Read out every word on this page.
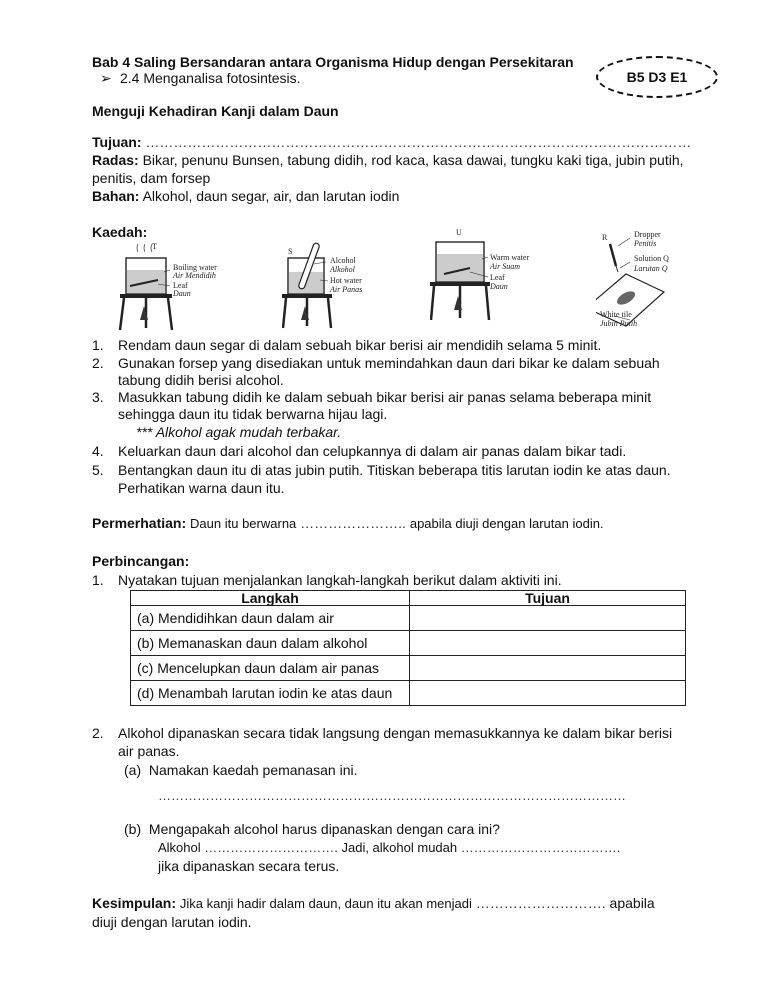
Bab 4 Saling Bersandaran antara Organisma Hidup dengan Persekitaran
➢ 2.4 Menganalisa fotosintesis.	B5 D3 E1
Menguji Kehadiran Kanji dalam Daun
Tujuan: ………………………………………………………………………………………………………
Radas: Bikar, penunu Bunsen, tabung didih, rod kaca, kasa dawai, tungku kaki tiga, jubin putih,
penitis, dam forsep
Bahan: Alkohol, daun segar, air, dan larutan iodin
Kaedah:
T
Boiling water
Air Mendidih
Leaf
Daun
S
Alcohol
Alkohol
Hot water
Air Panas
U
Warm water
Air Suam
Leaf
Daun
R	Dropper
Penitis
Solution Q
Larutan Q
White tile
Jubin Putih
1. Rendam daun segar di dalam sebuah bikar berisi air mendidih selama 5 minit.
2. Gunakan forsep yang disediakan untuk memindahkan daun dari bikar ke dalam sebuah
tabung didih berisi alcohol.
3. Masukkan tabung didih ke dalam sebuah bikar berisi air panas selama beberapa minit
sehingga daun itu tidak berwarna hijau lagi.
*** Alkohol agak mudah terbakar.
4. Keluarkan daun dari alcohol dan celupkannya di dalam air panas dalam bikar tadi.
5. Bentangkan daun itu di atas jubin putih. Titiskan beberapa titis larutan iodin ke atas daun.
Perhatikan warna daun itu.
Permerhatian: Daun itu berwarna ………………….. apabila diuji dengan larutan iodin.
Perbincangan:
1. Nyatakan tujuan menjalankan langkah-langkah berikut dalam aktiviti ini.
Langkah	Tujuan
(a) Mendidihkan daun dalam air	
(b) Memanaskan daun dalam alkohol	
(c) Mencelupkan daun dalam air panas	
(d) Menambah larutan iodin ke atas daun	
2. Alkohol dipanaskan secara tidak langsung dengan memasukkannya ke dalam bikar berisi
air panas.
(a) Namakan kaedah pemanasan ini.
………………………………………………………………………………………………
(b) Mengapakah alcohol harus dipanaskan dengan cara ini?
Alkohol …………………………. Jadi, alkohol mudah ……………………………….
jika dipanaskan secara terus.
Kesimpulan: Jika kanji hadir dalam daun, daun itu akan menjadi ………………………. apabila
diuji dengan larutan iodin.
